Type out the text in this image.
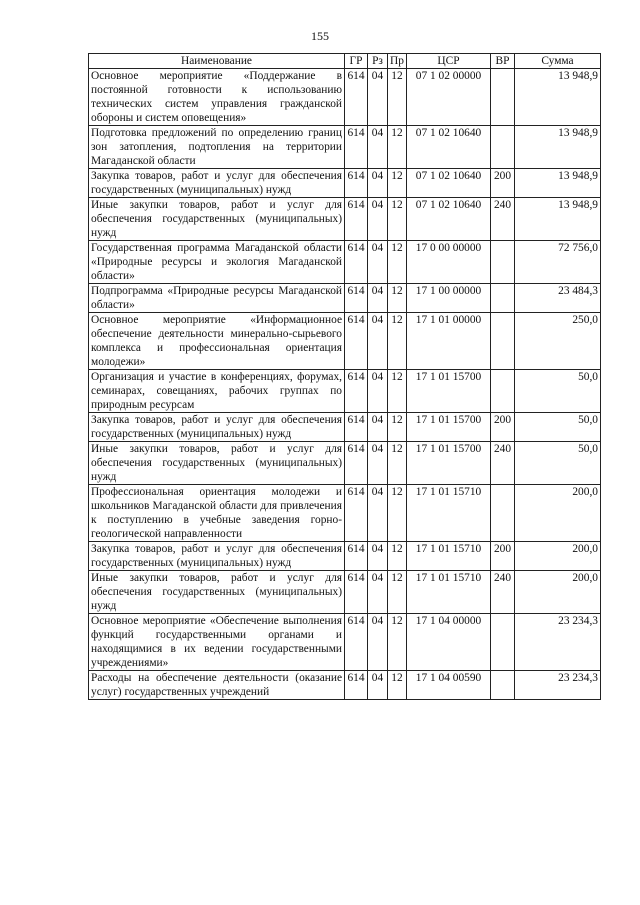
155
Наименование	ГР	Рз	Пр	ЦСР	ВР	Сумма
Основное мероприятие «Поддержание в постоянной готовности к использованию технических систем управления гражданской обороны и систем оповещения»	614	04	12	07 1 02 00000		13 948,9
Подготовка предложений по определению границ зон затопления, подтопления на территории Магаданской области	614	04	12	07 1 02 10640		13 948,9
Закупка товаров, работ и услуг для обеспечения государственных (муниципальных) нужд	614	04	12	07 1 02 10640	200	13 948,9
Иные закупки товаров, работ и услуг для обеспечения государственных (муниципальных) нужд	614	04	12	07 1 02 10640	240	13 948,9
Государственная программа Магаданской области «Природные ресурсы и экология Магаданской области»	614	04	12	17 0 00 00000		72 756,0
Подпрограмма «Природные ресурсы Магаданской области»	614	04	12	17 1 00 00000		23 484,3
Основное мероприятие «Информационное обеспечение деятельности минерально-сырьевого комплекса и профессиональная ориентация молодежи»	614	04	12	17 1 01 00000		250,0
Организация и участие в конференциях, форумах, семинарах, совещаниях, рабочих группах по природным ресурсам	614	04	12	17 1 01 15700		50,0
Закупка товаров, работ и услуг для обеспечения государственных (муниципальных) нужд	614	04	12	17 1 01 15700	200	50,0
Иные закупки товаров, работ и услуг для обеспечения государственных (муниципальных) нужд	614	04	12	17 1 01 15700	240	50,0
Профессиональная ориентация молодежи и школьников Магаданской области для привлечения к поступлению в учебные заведения горно-геологической направленности	614	04	12	17 1 01 15710		200,0
Закупка товаров, работ и услуг для обеспечения государственных (муниципальных) нужд	614	04	12	17 1 01 15710	200	200,0
Иные закупки товаров, работ и услуг для обеспечения государственных (муниципальных) нужд	614	04	12	17 1 01 15710	240	200,0
Основное мероприятие «Обеспечение выполнения функций государственными органами и находящимися в их ведении государственными учреждениями»	614	04	12	17 1 04 00000		23 234,3
Расходы на обеспечение деятельности (оказание услуг) государственных учреждений	614	04	12	17 1 04 00590		23 234,3
